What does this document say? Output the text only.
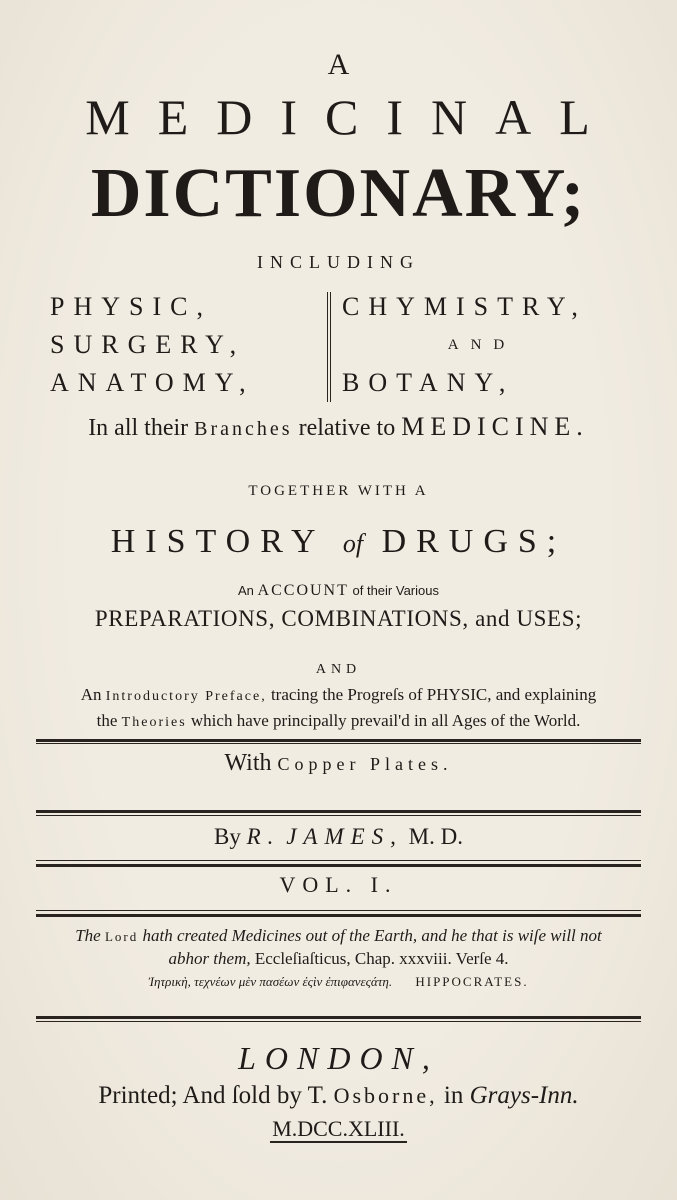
A
MEDICINAL
DICTIONARY;
INCLUDING
PHYSIC,
SURGERY,
ANATOMY,
CHYMISTRY,
AND
BOTANY,
In all their Branches relative to MEDICINE.
TOGETHER WITH A
HISTORY of DRUGS;
An ACCOUNT of their Various
PREPARATIONS, COMBINATIONS, and USES;
AND
An Introductory Preface, tracing the Progreſs of PHYSIC, and explaining
the Theories which have principally prevail'd in all Ages of the World.
With Copper Plates.
By R. JAMES, M. D.
VOL. I.
The Lord hath created Medicines out of the Earth, and he that is wiſe will not
abhor them, Eccleſiaſticus, Chap. xxxviii. Verſe 4.
Ἰητρικὴ, τεχνέων μὲν πασέων ἐςὶν ἐπιφανεςάτη. HIPPOCRATES.
LONDON,
Printed; And ſold by T. Osborne, in Grays-Inn.
M.DCC.XLIII.
